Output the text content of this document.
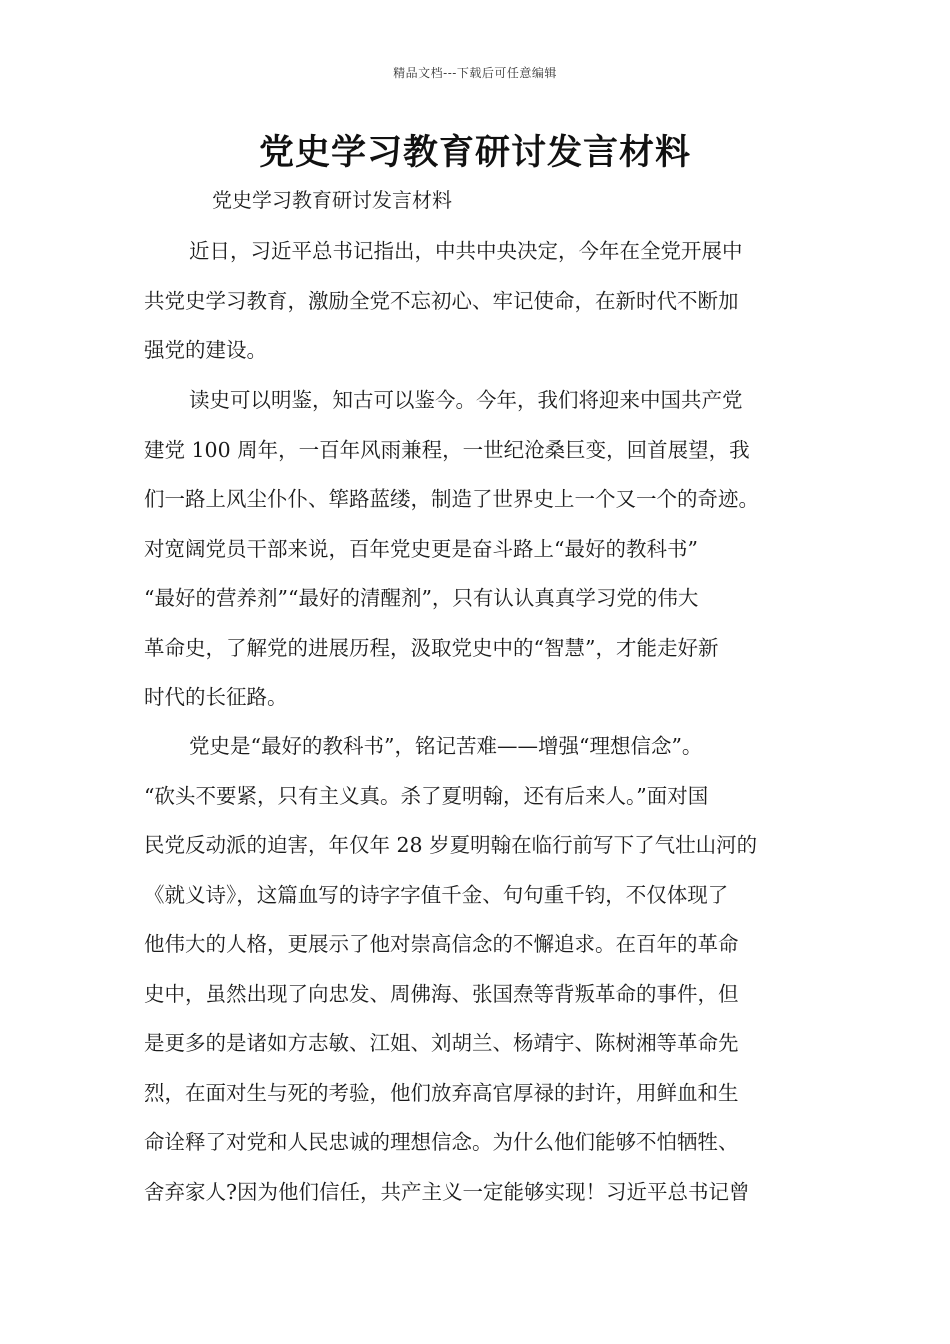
精品文档---下载后可任意编辑
党史学习教育研讨发言材料
党史学习教育研讨发言材料
近日，习近平总书记指出，中共中央决定，今年在全党开展中
共党史学习教育，激励全党不忘初心、牢记使命，在新时代不断加
强党的建设。
读史可以明鉴，知古可以鉴今。今年，我们将迎来中国共产党
建党 100 周年，一百年风雨兼程，一世纪沧桑巨变，回首展望，我
们一路上风尘仆仆、筚路蓝缕，制造了世界史上一个又一个的奇迹。
对宽阔党员干部来说，百年党史更是奋斗路上“最好的教科书”
“最好的营养剂”“最好的清醒剂”，只有认认真真学习党的伟大
革命史，了解党的进展历程，汲取党史中的“智慧”，才能走好新
时代的长征路。
党史是“最好的教科书”，铭记苦难——增强“理想信念”。
“砍头不要紧，只有主义真。杀了夏明翰，还有后来人。”面对国
民党反动派的迫害，年仅年 28 岁夏明翰在临行前写下了气壮山河的
《就义诗》，这篇血写的诗字字值千金、句句重千钧，不仅体现了
他伟大的人格，更展示了他对崇高信念的不懈追求。在百年的革命
史中，虽然出现了向忠发、周佛海、张国焘等背叛革命的事件，但
是更多的是诸如方志敏、江姐、刘胡兰、杨靖宇、陈树湘等革命先
烈，在面对生与死的考验，他们放弃高官厚禄的封许，用鲜血和生
命诠释了对党和人民忠诚的理想信念。为什么他们能够不怕牺牲、
舍弃家人?因为他们信任，共产主义一定能够实现！习近平总书记曾
